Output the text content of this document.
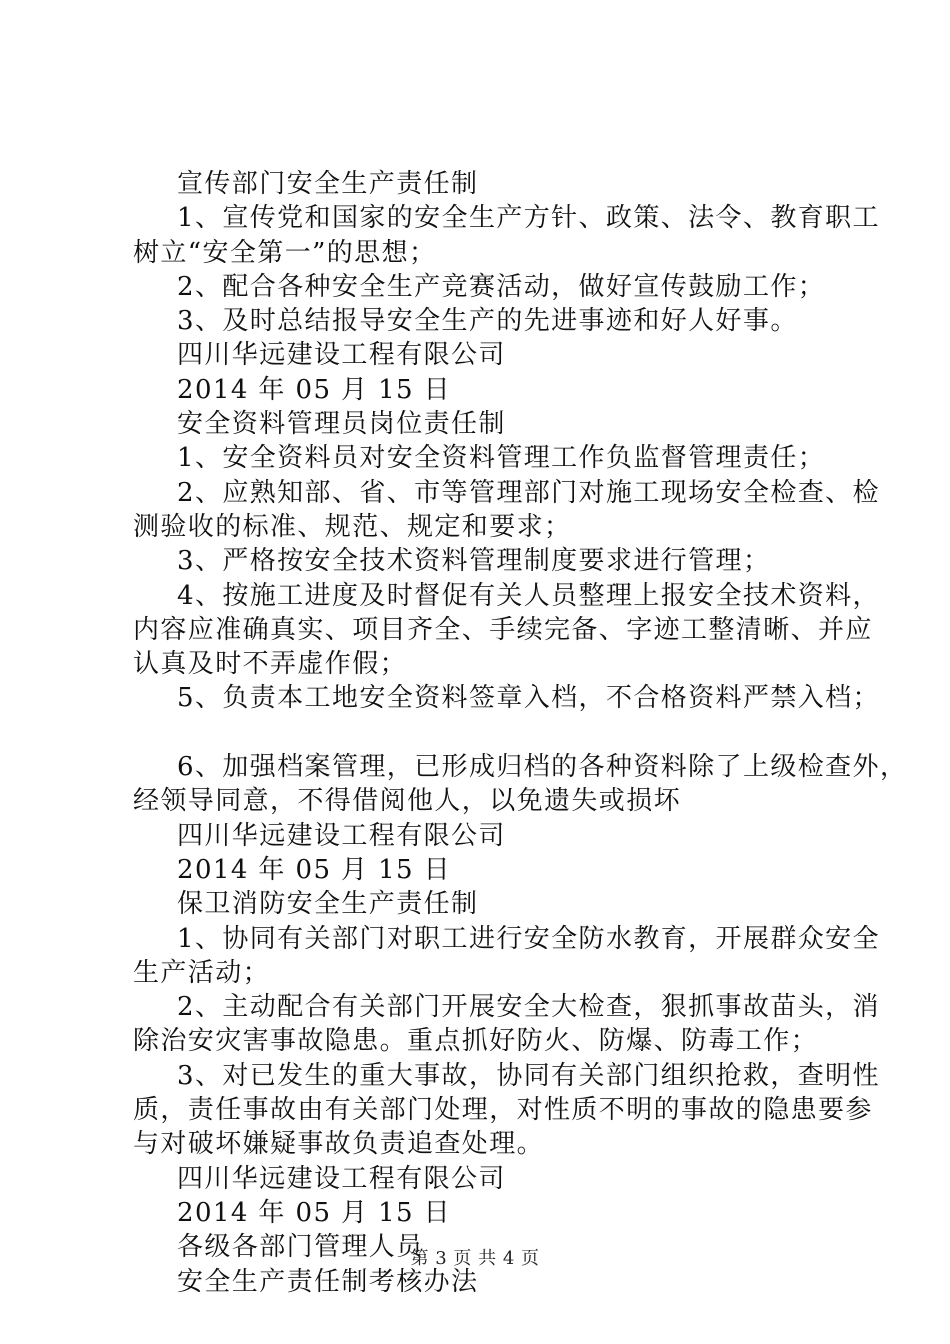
宣传部门安全生产责任制
1、宣传党和国家的安全生产方针、政策、法令、教育职工
树立“安全第一”的思想；
2、配合各种安全生产竞赛活动，做好宣传鼓励工作；
3、及时总结报导安全生产的先进事迹和好人好事。
四川华远建设工程有限公司
2014 年 05 月 15 日
安全资料管理员岗位责任制
1、安全资料员对安全资料管理工作负监督管理责任；
2、应熟知部、省、市等管理部门对施工现场安全检查、检
测验收的标准、规范、规定和要求；
3、严格按安全技术资料管理制度要求进行管理；
4、按施工进度及时督促有关人员整理上报安全技术资料，
内容应准确真实、项目齐全、手续完备、字迹工整清晰、并应
认真及时不弄虚作假；
5、负责本工地安全资料签章入档，不合格资料严禁入档；
6、加强档案管理，已形成归档的各种资料除了上级检查外，
经领导同意，不得借阅他人，以免遗失或损坏
四川华远建设工程有限公司
2014 年 05 月 15 日
保卫消防安全生产责任制
1、协同有关部门对职工进行安全防水教育，开展群众安全
生产活动；
2、主动配合有关部门开展安全大检查，狠抓事故苗头，消
除治安灾害事故隐患。重点抓好防火、防爆、防毒工作；
3、对已发生的重大事故，协同有关部门组织抢救，查明性
质，责任事故由有关部门处理，对性质不明的事故的隐患要参
与对破坏嫌疑事故负责追查处理。
四川华远建设工程有限公司
2014 年 05 月 15 日
各级各部门管理人员
安全生产责任制考核办法
第 3 页 共 4 页
